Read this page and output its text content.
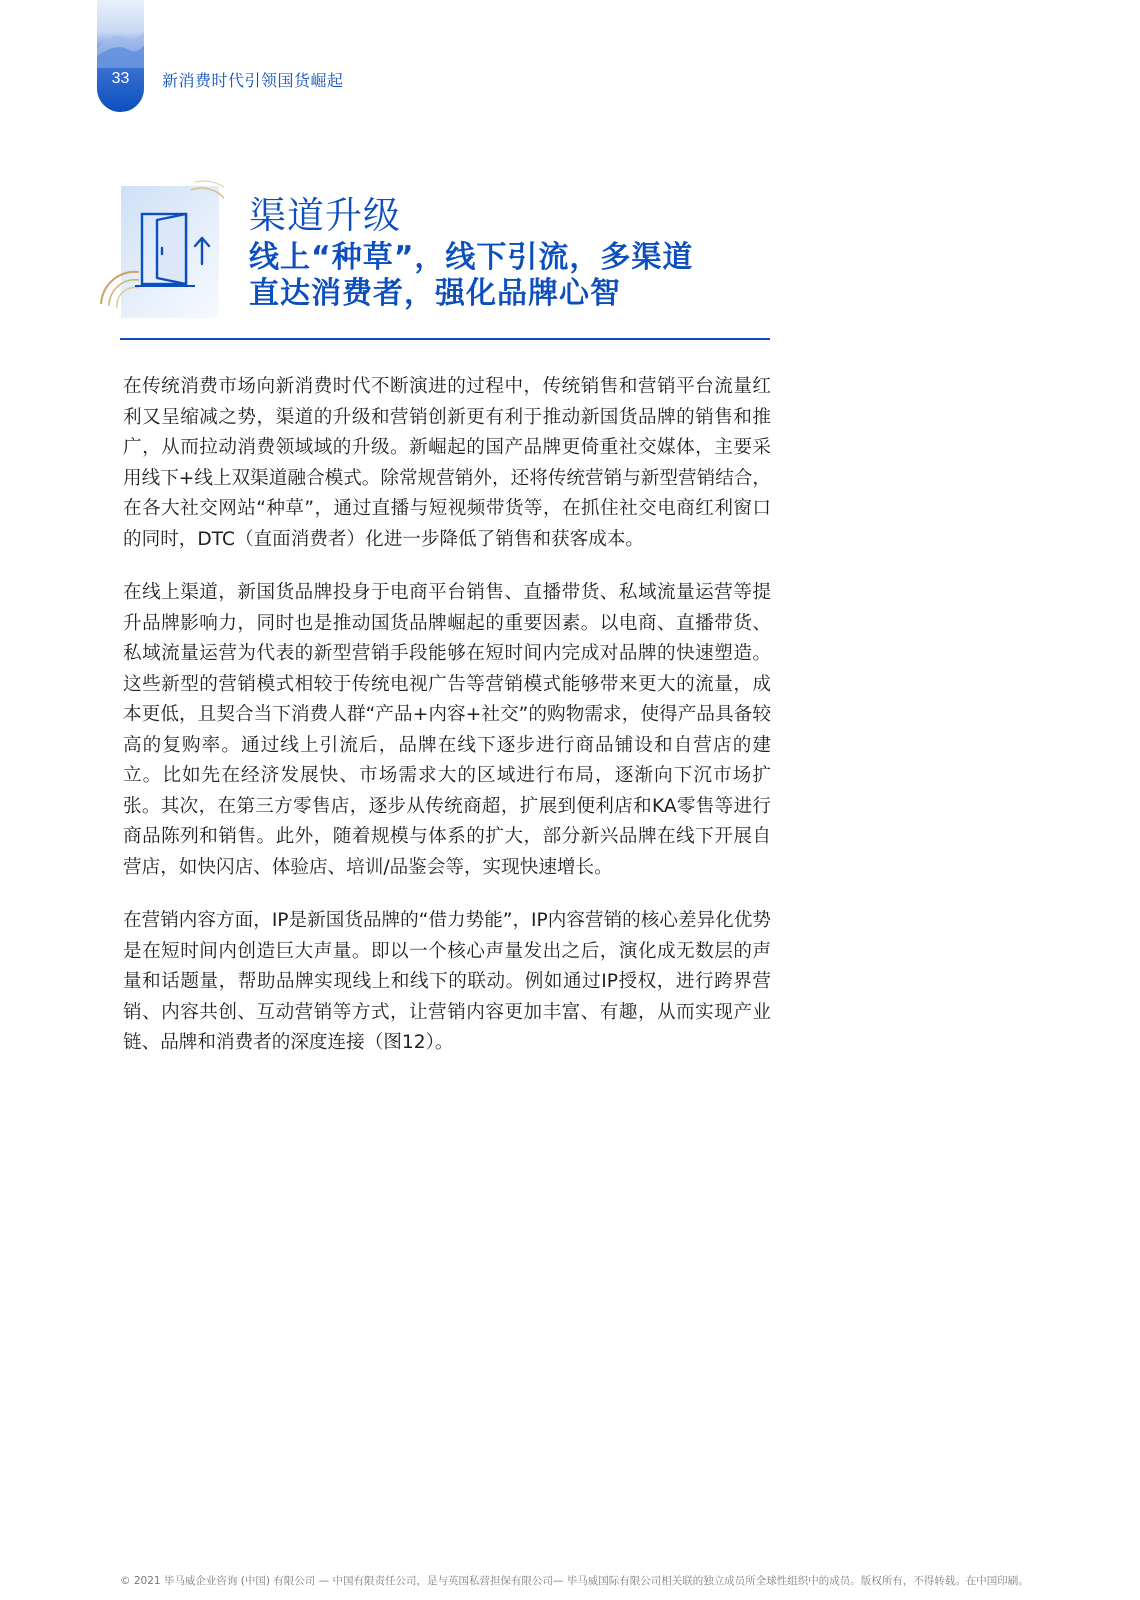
33	新消费时代引领国货崛起
渠道升级
线上“种草”，线下引流，多渠道
直达消费者，强化品牌心智

在传统消费市场向新消费时代不断演进的过程中，传统销售和营销平台流量红利又呈缩减之势，渠道的升级和营销创新更有利于推动新国货品牌的销售和推广，从而拉动消费领域域的升级。新崛起的国产品牌更倚重社交媒体，主要采用线下+线上双渠道融合模式。除常规营销外，还将传统营销与新型营销结合，在各大社交网站“种草”，通过直播与短视频带货等，在抓住社交电商红利窗口的同时，DTC（直面消费者）化进一步降低了销售和获客成本。

在线上渠道，新国货品牌投身于电商平台销售、直播带货、私域流量运营等提升品牌影响力，同时也是推动国货品牌崛起的重要因素。以电商、直播带货、私域流量运营为代表的新型营销手段能够在短时间内完成对品牌的快速塑造。这些新型的营销模式相较于传统电视广告等营销模式能够带来更大的流量，成本更低，且契合当下消费人群“产品+内容+社交”的购物需求，使得产品具备较高的复购率。通过线上引流后，品牌在线下逐步进行商品铺设和自营店的建立。比如先在经济发展快、市场需求大的区域进行布局，逐渐向下沉市场扩张。其次，在第三方零售店，逐步从传统商超，扩展到便利店和KA零售等进行商品陈列和销售。此外，随着规模与体系的扩大，部分新兴品牌在线下开展自营店，如快闪店、体验店、培训/品鉴会等，实现快速增长。

在营销内容方面，IP是新国货品牌的“借力势能”，IP内容营销的核心差异化优势是在短时间内创造巨大声量。即以一个核心声量发出之后，演化成无数层的声量和话题量，帮助品牌实现线上和线下的联动。例如通过IP授权，进行跨界营销、内容共创、互动营销等方式，让营销内容更加丰富、有趣，从而实现产业链、品牌和消费者的深度连接（图12）。

© 2021 毕马威企业咨询 (中国) 有限公司 — 中国有限责任公司，是与英国私营担保有限公司— 毕马威国际有限公司相关联的独立成员所全球性组织中的成员。版权所有，不得转载。在中国印刷。
